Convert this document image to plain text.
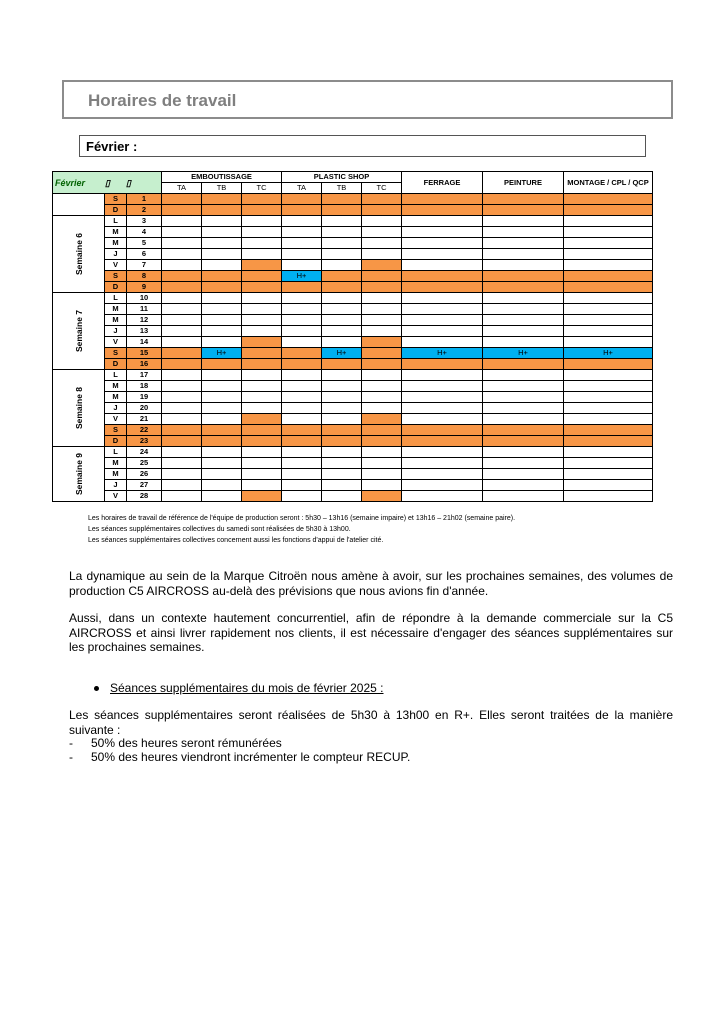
Horaires de travail
Février :
Février ▯ ▯			EMBOUTISSAGE			PLASTIC SHOP			FERRAGE	PEINTURE	MONTAGE / CPL / QCP
			TA	TB	TC	TA	TB	TC			
	S	1									
	D	2									

Semaine 6	L	3									
	M	4									
	M	5									
	J	6									
	V	7									
	S	8				H+					
	D	9									

Semaine 7	L	10									
	M	11									
	M	12									
	J	13									
	V	14									
	S	15		H+			H+		H+	H+	H+
	D	16									

Semaine 8	L	17									
	M	18									
	M	19									
	J	20									
	V	21									
	S	22									
	D	23									

Semaine 9	L	24									
	M	25									
	M	26									
	J	27									
	V	28									
Les horaires de travail de référence de l'équipe de production seront : 5h30 – 13h16 (semaine impaire) et 13h16 – 21h02 (semaine paire).
Les séances supplémentaires collectives du samedi sont réalisées de 5h30 à 13h00.
Les séances supplémentaires collectives concernent aussi les fonctions d'appui de l'atelier cité.
La dynamique au sein de la Marque Citroën nous amène à avoir, sur les prochaines semaines, des volumes de production C5 AIRCROSS au-delà des prévisions que nous avions fin d'année.
Aussi, dans un contexte hautement concurrentiel, afin de répondre à la demande commerciale sur la C5 AIRCROSS et ainsi livrer rapidement nos clients, il est nécessaire d'engager des séances supplémentaires sur les prochaines semaines.
Séances supplémentaires du mois de février 2025 :
Les séances supplémentaires seront réalisées de 5h30 à 13h00 en R+. Elles seront traitées de la manière suivante :
- 50% des heures seront rémunérées
- 50% des heures viendront incrémenter le compteur RECUP.
